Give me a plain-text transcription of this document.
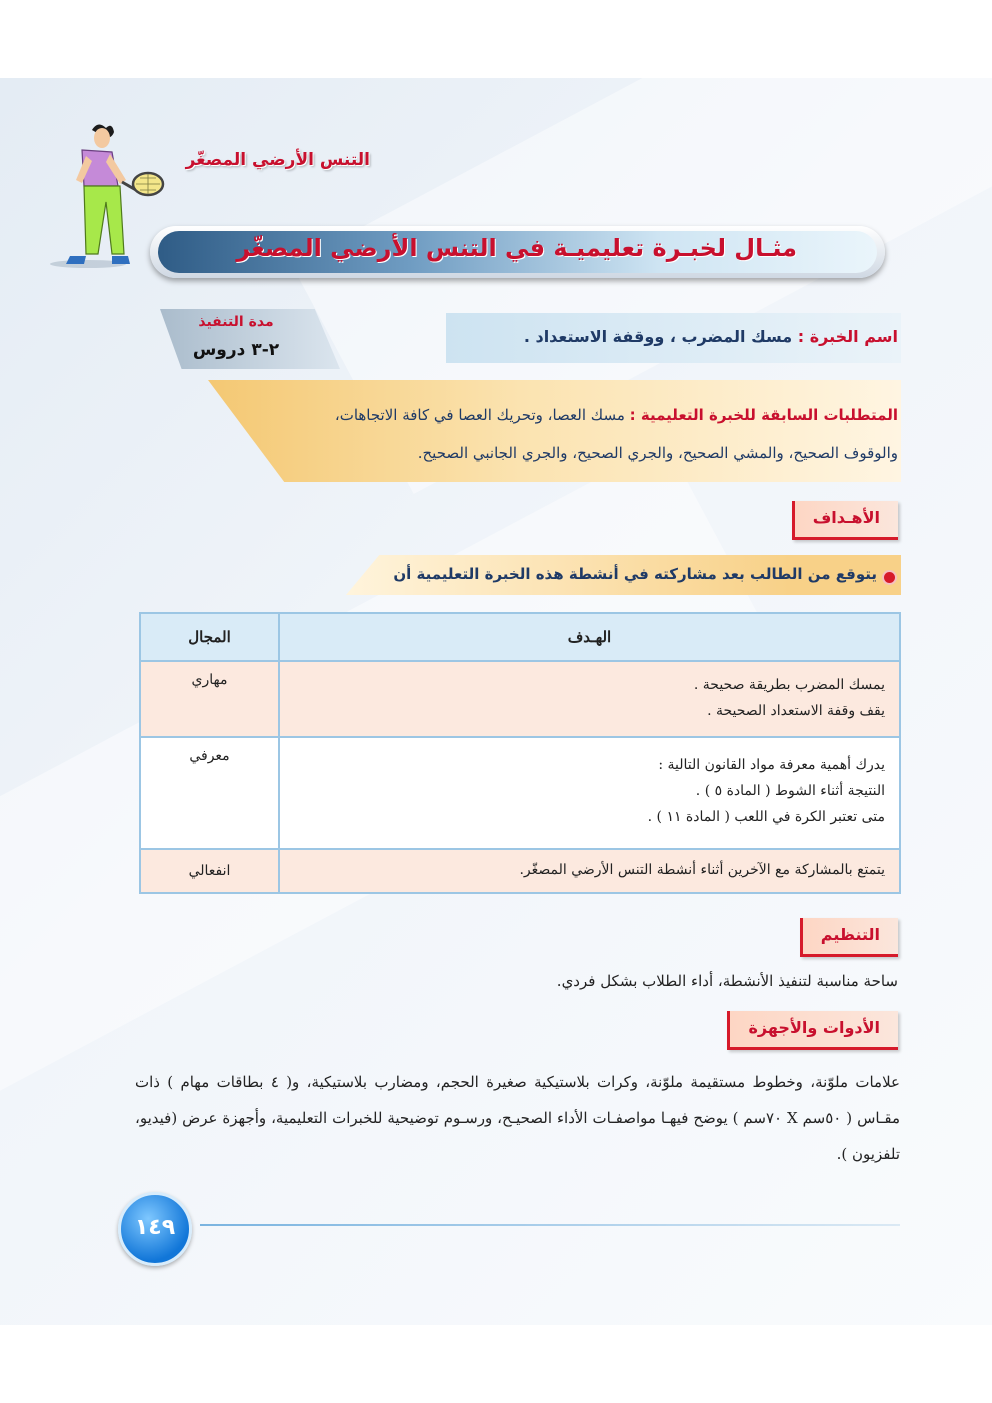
التنس الأرضي المصغّر
مثـال لخبـرة تعليميـة في التنس الأرضي المصغّر
مدة التنفيذ
٢-٣ دروس
اسم الخبرة : مسك المضرب ، ووقفة الاستعداد .
المتطلبات السابقة للخبرة التعليمية : مسك العصا، وتحريك العصا في كافة الاتجاهات،
والوقوف الصحيح، والمشي الصحيح، والجري الصحيح، والجري الجانبي الصحيح.
الأهـداف
يتوقع من الطالب بعد مشاركته في أنشطة هذه الخبرة التعليمية أن
الهـدف	المجال

يمسك المضرب بطريقة صحيحة .
يقف وقفة الاستعداد الصحيحة .	مهاري

يدرك أهمية معرفة مواد القانون التالية :
النتيجة أثناء الشوط ( المادة ٥ ) .
متى تعتبر الكرة في اللعب ( المادة ١١ ) .	معرفي

يتمتع بالمشاركة مع الآخرين أثناء أنشطة التنس الأرضي المصغّر.	انفعالي
التنظيم
ساحة مناسبة لتنفيذ الأنشطة، أداء الطلاب بشكل فردي.
الأدوات والأجهزة
علامات ملوّنة، وخطوط مستقيمة ملوّنة، وكرات بلاستيكية صغيرة الحجم، ومضارب بلاستيكية، و( ٤ بطاقات مهام ) ذات مقـاس ( ٥٠سم X ٧٠سم ) يوضح فيهـا مواصفـات الأداء الصحيـح، ورسـوم توضيحية للخبرات التعليمية، وأجهزة عرض (فيديو، تلفزيون ).
١٤٩
